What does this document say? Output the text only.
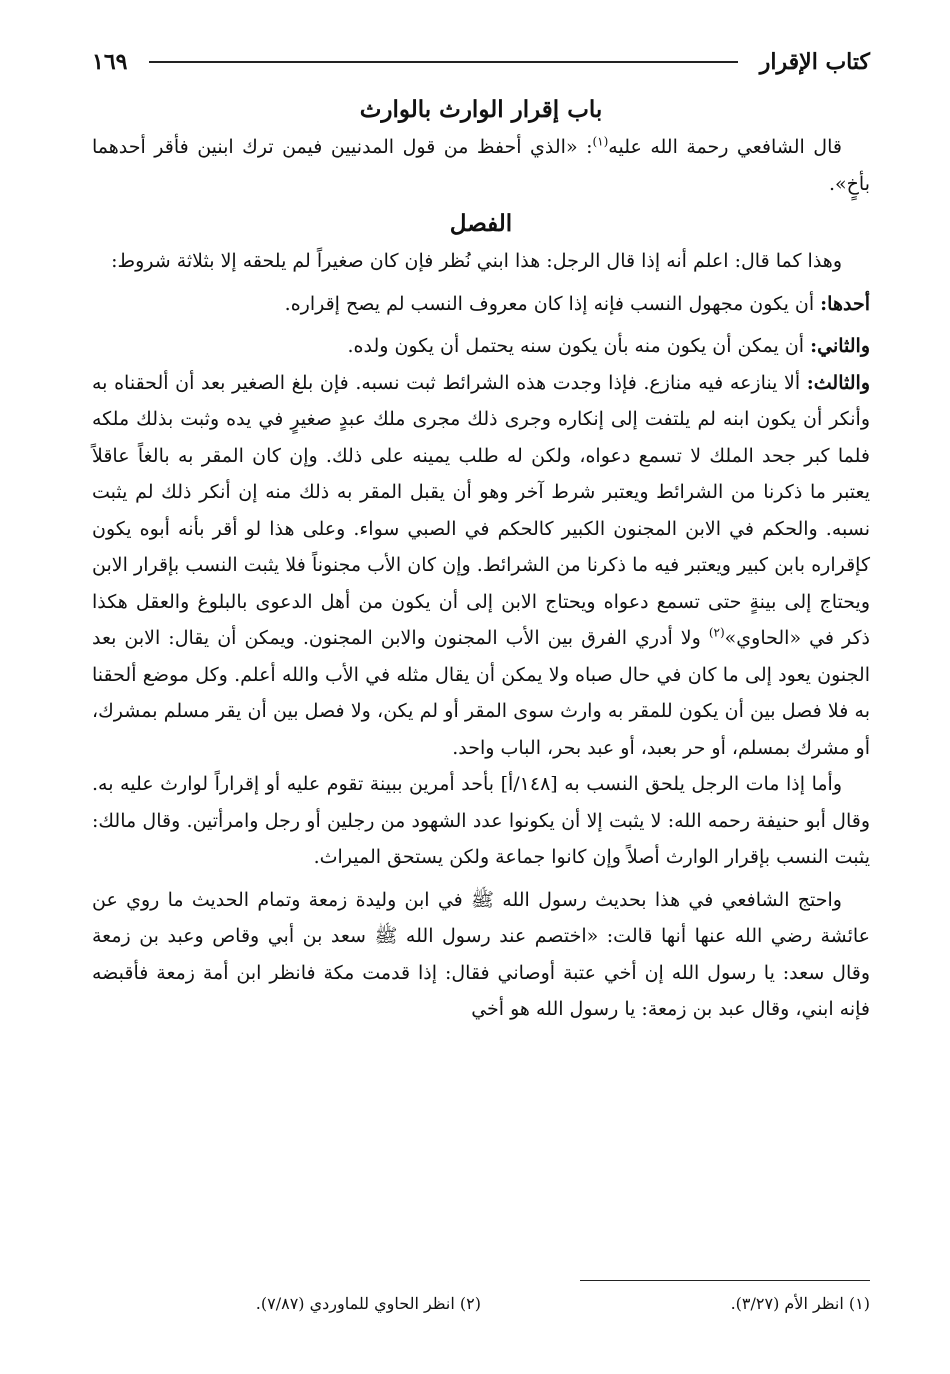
كتاب الإقرار
١٦٩
باب إقرار الوارث بالوارث

قال الشافعي رحمة الله عليه$^{(١)}$: «الذي أحفظ من قول المدنيين فيمن ترك ابنين فأقر أحدهما بأخٍ».

الفصل

وهذا كما قال: اعلم أنه إذا قال الرجل: هذا ابني نُظر فإن كان صغيراً لم يلحقه إلا بثلاثة شروط:

أحدها: أن يكون مجهول النسب فإنه إذا كان معروف النسب لم يصح إقراره.

والثاني: أن يمكن أن يكون منه بأن يكون سنه يحتمل أن يكون ولده.

والثالث: ألا ينازعه فيه منازع. فإذا وجدت هذه الشرائط ثبت نسبه. فإن بلغ الصغير بعد أن ألحقناه به وأنكر أن يكون ابنه لم يلتفت إلى إنكاره وجرى ذلك مجرى ملك عبدٍ صغيرٍ في يده وثبت بذلك ملكه فلما كبر جحد الملك لا تسمع دعواه، ولكن له طلب يمينه على ذلك. وإن كان المقر به بالغاً عاقلاً يعتبر ما ذكرنا من الشرائط ويعتبر شرط آخر وهو أن يقبل المقر به ذلك منه إن أنكر ذلك لم يثبت نسبه. والحكم في الابن المجنون الكبير كالحكم في الصبي سواء. وعلى هذا لو أقر بأنه أبوه يكون كإقراره بابن كبير ويعتبر فيه ما ذكرنا من الشرائط. وإن كان الأب مجنوناً فلا يثبت النسب بإقرار الابن ويحتاج إلى بينةٍ حتى تسمع دعواه ويحتاج الابن إلى أن يكون من أهل الدعوى بالبلوغ والعقل هكذا ذكر في «الحاوي»$^{(٢)}$ ولا أدري الفرق بين الأب المجنون والابن المجنون. ويمكن أن يقال: الابن بعد الجنون يعود إلى ما كان في حال صباه ولا يمكن أن يقال مثله في الأب والله أعلم. وكل موضع ألحقنا به فلا فصل بين أن يكون للمقر به وارث سوى المقر أو لم يكن، ولا فصل بين أن يقر مسلم بمشرك، أو مشرك بمسلم، أو حر بعبد، أو عبد بحر، الباب واحد.

وأما إذا مات الرجل يلحق النسب به [١٤٨/أ] بأحد أمرين ببينة تقوم عليه أو إقراراً لوارث عليه به. وقال أبو حنيفة رحمه الله: لا يثبت إلا أن يكونوا عدد الشهود من رجلين أو رجل وامرأتين. وقال مالك: يثبت النسب بإقرار الوارث أصلاً وإن كانوا جماعة ولكن يستحق الميراث.

واحتج الشافعي في هذا بحديث رسول الله ﷺ في ابن وليدة زمعة وتمام الحديث ما روي عن عائشة رضي الله عنها أنها قالت: «اختصم عند رسول الله ﷺ سعد بن أبي وقاص وعبد بن زمعة وقال سعد: يا رسول الله إن أخي عتبة أوصاني فقال: إذا قدمت مكة فانظر ابن أمة زمعة فأقبضه فإنه ابني، وقال عبد بن زمعة: يا رسول الله هو أخي

(١) انظر الأم (٣/٢٧).
(٢) انظر الحاوي للماوردي (٧/٨٧).
